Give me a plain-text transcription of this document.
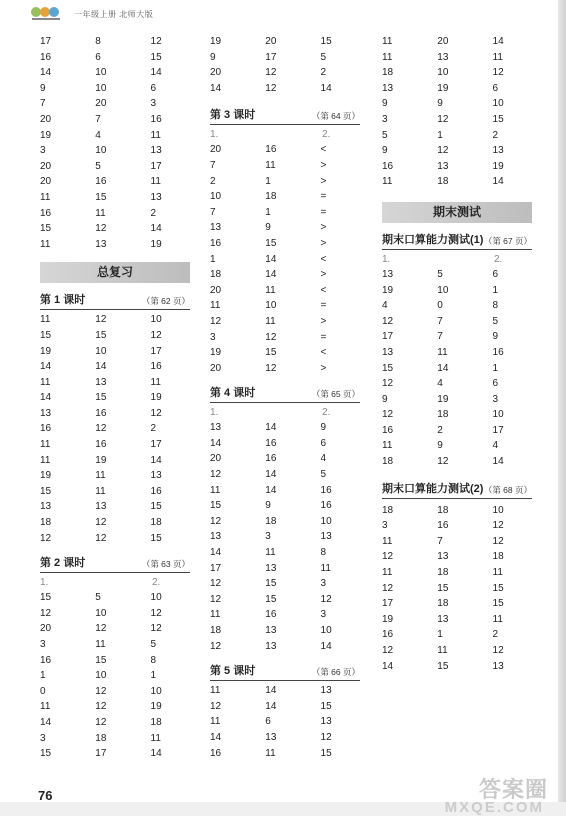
一年级上册 北师大版
17	8	12
16	6	15
14	10	14
9	10	6
7	20	3
20	7	16
19	4	11
3	10	13
20	5	17
20	16	11
11	15	13
16	11	2
15	12	14
11	13	19
总复习
第 1 课时	（第 62 页）
11	12	10
15	15	12
19	10	17
14	14	16
11	13	11
14	15	19
13	16	12
16	12	2
11	16	17
11	19	14
19	11	13
15	11	16
13	13	15
18	12	18
12	12	15
第 2 课时	（第 63 页）
1.	2.
15	5	10
12	10	12
20	12	12
3	11	5
16	15	8
1	10	1
0	12	10
11	12	19
14	12	18
3	18	11
15	17	14
19	20	15
9	17	5
20	12	2
14	12	14
第 3 课时	（第 64 页）
1.	2.
20	16	<
7	11	>
2	1	>
10	18	=
7	1	=
13	9	>
16	15	>
1	14	<
18	14	>
20	11	<
11	10	=
12	11	>
3	12	=
19	15	<
20	12	>
第 4 课时	（第 65 页）
1.	2.
13	14	9
14	16	6
20	16	4
12	14	5
11	14	16
15	9	16
12	18	10
13	3	13
14	11	8
17	13	11
12	15	3
12	15	12
11	16	3
18	13	10
12	13	14
第 5 课时	（第 66 页）
11	14	13
12	14	15
11	6	13
14	13	12
16	11	15
11	20	14
11	13	11
18	10	12
13	19	6
9	9	10
3	12	15
5	1	2
9	12	13
16	13	19
11	18	14
期末测试
期末口算能力测试(1) （第 67 页）
1.	2.
13	5	6
19	10	1
4	0	8
12	7	5
17	7	9
13	11	16
15	14	1
12	4	6
9	19	3
12	18	10
16	2	17
11	9	4
18	12	14
期末口算能力测试(2) （第 68 页）
18	18	10
3	16	12
11	7	12
12	13	18
11	18	11
12	15	15
17	18	15
19	13	11
16	1	2
12	11	12
14	15	13
76	答案圈
MXQE.COM
